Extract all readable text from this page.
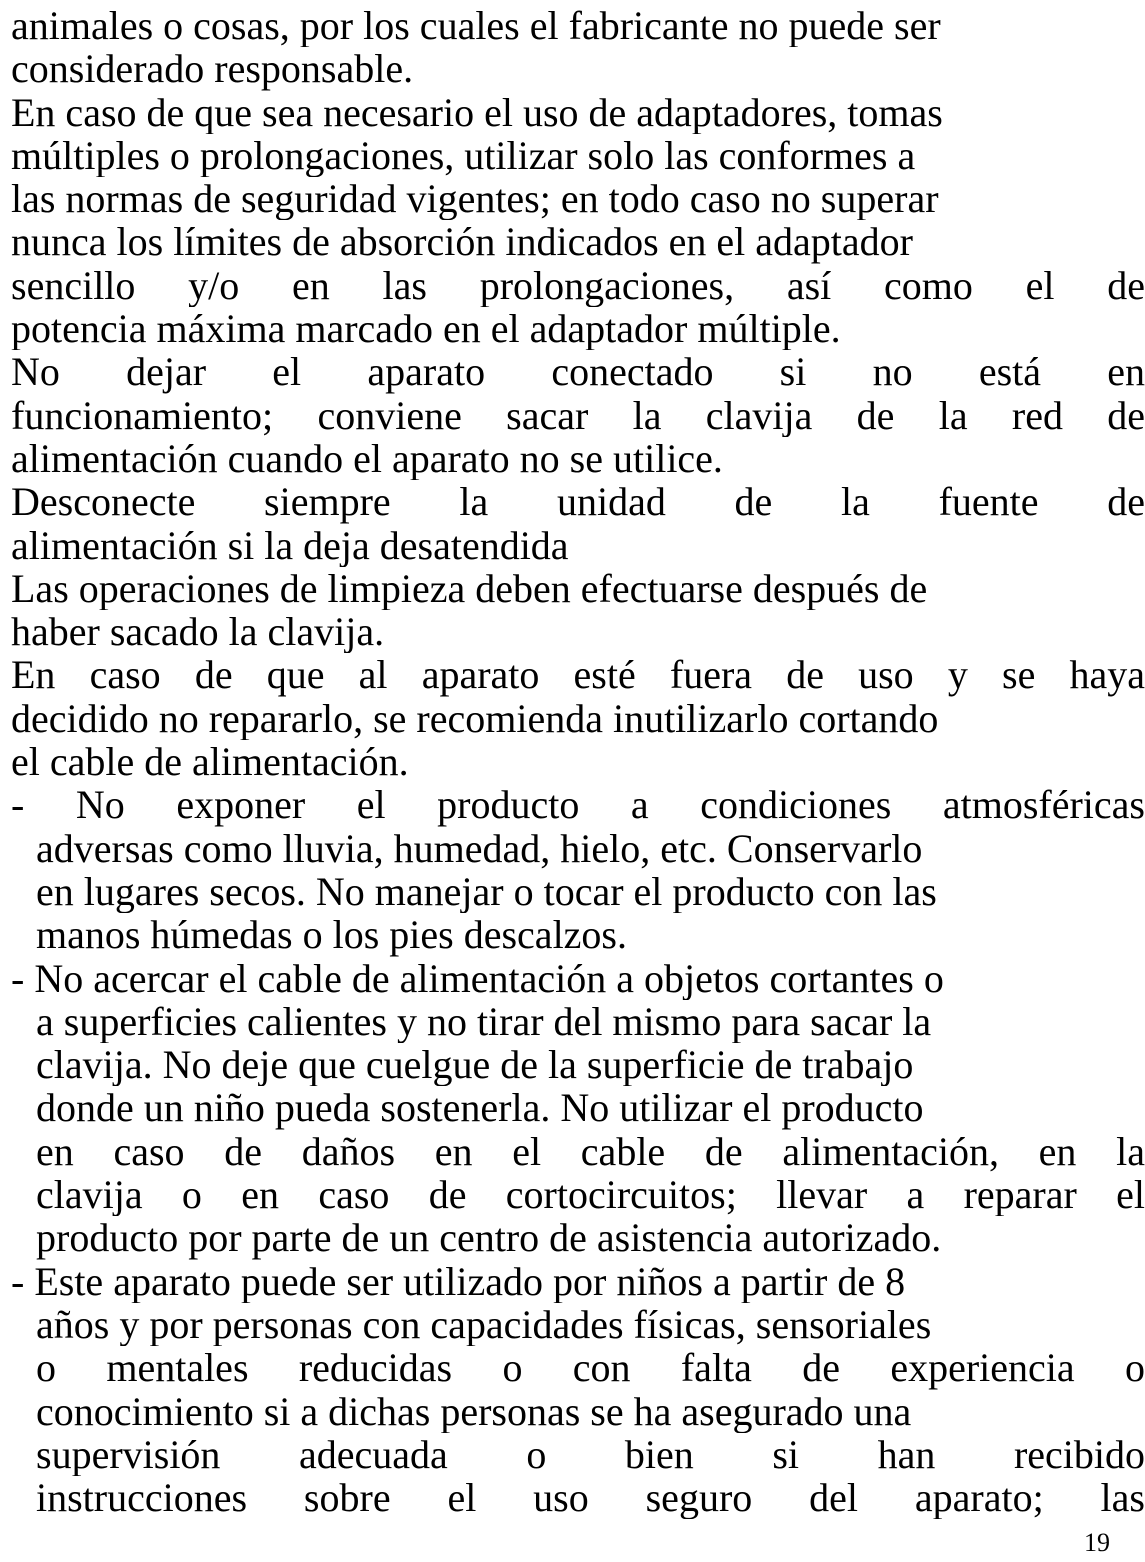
animales o cosas, por los cuales el fabricante no puede ser
considerado responsable.
En caso de que sea necesario el uso de adaptadores, tomas
múltiples o prolongaciones, utilizar solo las conformes a
las normas de seguridad vigentes; en todo caso no superar
nunca los límites de absorción indicados en el adaptador
sencillo y/o en las prolongaciones, así como el de
potencia máxima marcado en el adaptador múltiple.
No dejar el aparato conectado si no está en
funcionamiento; conviene sacar la clavija de la red de
alimentación cuando el aparato no se utilice.
Desconecte siempre la unidad de la fuente de
alimentación si la deja desatendida
Las operaciones de limpieza deben efectuarse después de
haber sacado la clavija.
En caso de que al aparato esté fuera de uso y se haya
decidido no repararlo, se recomienda inutilizarlo cortando
el cable de alimentación.
- No exponer el producto a condiciones atmosféricas
adversas como lluvia, humedad, hielo, etc. Conservarlo
en lugares secos. No manejar o tocar el producto con las
manos húmedas o los pies descalzos.
- No acercar el cable de alimentación a objetos cortantes o
a superficies calientes y no tirar del mismo para sacar la
clavija. No deje que cuelgue de la superficie de trabajo
donde un niño pueda sostenerla. No utilizar el producto
en caso de daños en el cable de alimentación, en la
clavija o en caso de cortocircuitos; llevar a reparar el
producto por parte de un centro de asistencia autorizado.
- Este aparato puede ser utilizado por niños a partir de 8
años y por personas con capacidades físicas, sensoriales
o mentales reducidas o con falta de experiencia o
conocimiento si a dichas personas se ha asegurado una
supervisión adecuada o bien si han recibido
instrucciones sobre el uso seguro del aparato; las
19
